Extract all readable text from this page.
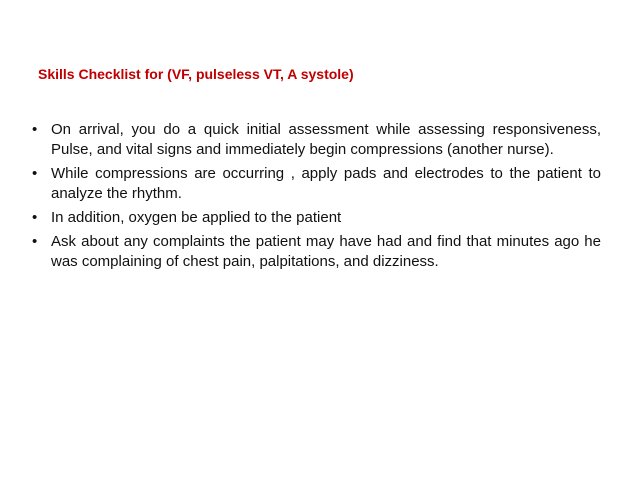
Skills Checklist for (VF, pulseless VT, A systole)
• On arrival, you do a quick initial assessment while assessing responsiveness, Pulse, and vital signs and immediately begin compressions (another nurse).
• While compressions are occurring , apply pads and electrodes to the patient to analyze the rhythm.
• In addition, oxygen be applied to the patient
• Ask about any complaints the patient may have had and find that minutes ago he was complaining of chest pain, palpitations, and dizziness.
